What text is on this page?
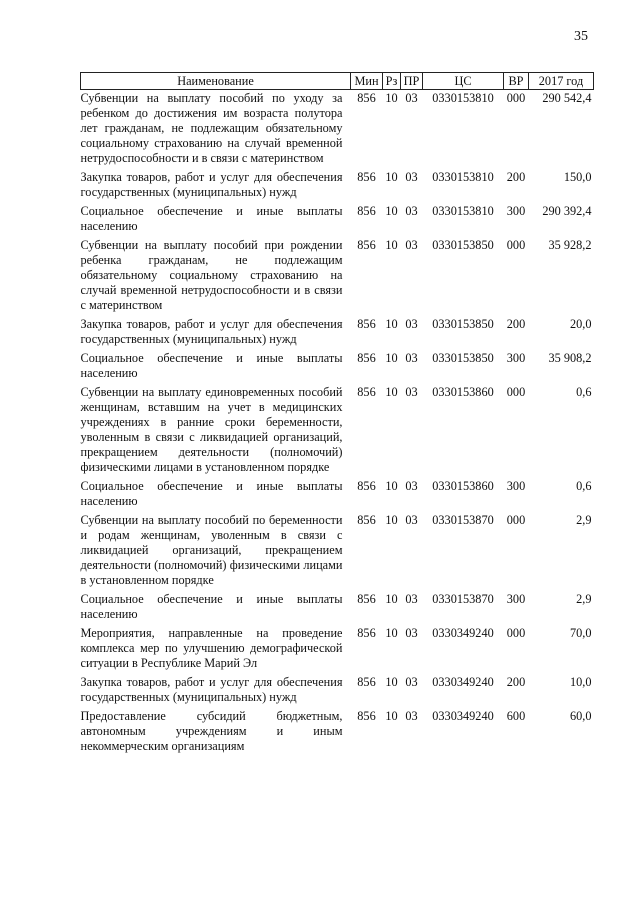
35
Наименование	Мин	Рз	ПР	ЦС	ВР	2017 год
Субвенции на выплату пособий по уходу за ребенком до достижения им возраста полутора лет гражданам, не подлежащим обязательному социальному страхованию на случай временной нетрудоспособности и в связи с материнством	856	10	03	0330153810	000	290 542,4
Закупка товаров, работ и услуг для обеспечения государственных (муниципальных) нужд	856	10	03	0330153810	200	150,0
Социальное обеспечение и иные выплаты населению	856	10	03	0330153810	300	290 392,4
Субвенции на выплату пособий при рождении ребенка гражданам, не подлежащим обязательному социальному страхованию на случай временной нетрудоспособности и в связи с материнством	856	10	03	0330153850	000	35 928,2
Закупка товаров, работ и услуг для обеспечения государственных (муниципальных) нужд	856	10	03	0330153850	200	20,0
Социальное обеспечение и иные выплаты населению	856	10	03	0330153850	300	35 908,2
Субвенции на выплату единовременных пособий женщинам, вставшим на учет в медицинских учреждениях в ранние сроки беременности, уволенным в связи с ликвидацией организаций, прекращением деятельности (полномочий) физическими лицами в установленном порядке	856	10	03	0330153860	000	0,6
Социальное обеспечение и иные выплаты населению	856	10	03	0330153860	300	0,6
Субвенции на выплату пособий по беременности и родам женщинам, уволенным в связи с ликвидацией организаций, прекращением деятельности (полномочий) физическими лицами в установленном порядке	856	10	03	0330153870	000	2,9
Социальное обеспечение и иные выплаты населению	856	10	03	0330153870	300	2,9
Мероприятия, направленные на проведение комплекса мер по улучшению демографической ситуации в Республике Марий Эл	856	10	03	0330349240	000	70,0
Закупка товаров, работ и услуг для обеспечения государственных (муниципальных) нужд	856	10	03	0330349240	200	10,0
Предоставление субсидий бюджетным, автономным учреждениям и иным некоммерческим организациям	856	10	03	0330349240	600	60,0
